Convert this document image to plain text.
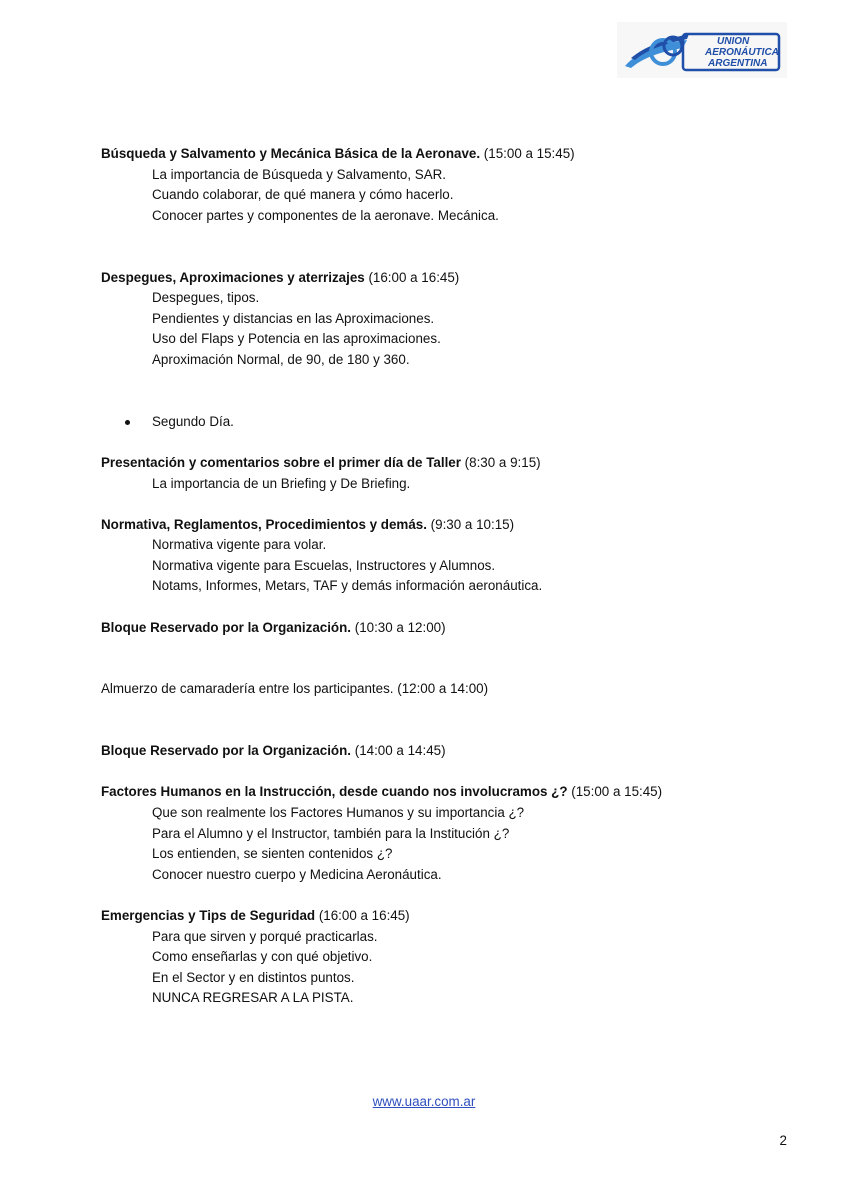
UNION
AERONÁUTICA
ARGENTINA
Búsqueda y Salvamento y Mecánica Básica de la Aeronave. (15:00 a 15:45)
La importancia de Búsqueda y Salvamento, SAR.
Cuando colaborar, de qué manera y cómo hacerlo.
Conocer partes y componentes de la aeronave. Mecánica.
Despegues, Aproximaciones y aterrizajes (16:00 a 16:45)
Despegues, tipos.
Pendientes y distancias en las Aproximaciones.
Uso del Flaps y Potencia en las aproximaciones.
Aproximación Normal, de 90, de 180 y 360.
Segundo Día.
Presentación y comentarios sobre el primer día de Taller (8:30 a 9:15)
La importancia de un Briefing y De Briefing.
Normativa, Reglamentos, Procedimientos y demás. (9:30 a 10:15)
Normativa vigente para volar.
Normativa vigente para Escuelas, Instructores y Alumnos.
Notams, Informes, Metars, TAF y demás información aeronáutica.
Bloque Reservado por la Organización. (10:30 a 12:00)
Almuerzo de camaradería entre los participantes. (12:00 a 14:00)
Bloque Reservado por la Organización. (14:00 a 14:45)
Factores Humanos en la Instrucción, desde cuando nos involucramos ¿? (15:00 a 15:45)
Que son realmente los Factores Humanos y su importancia ¿?
Para el Alumno y el Instructor, también para la Institución ¿?
Los entienden, se sienten contenidos ¿?
Conocer nuestro cuerpo y Medicina Aeronáutica.
Emergencias y Tips de Seguridad (16:00 a 16:45)
Para que sirven y porqué practicarlas.
Como enseñarlas y con qué objetivo.
En el Sector y en distintos puntos.
NUNCA REGRESAR A LA PISTA.
www.uaar.com.ar
2
